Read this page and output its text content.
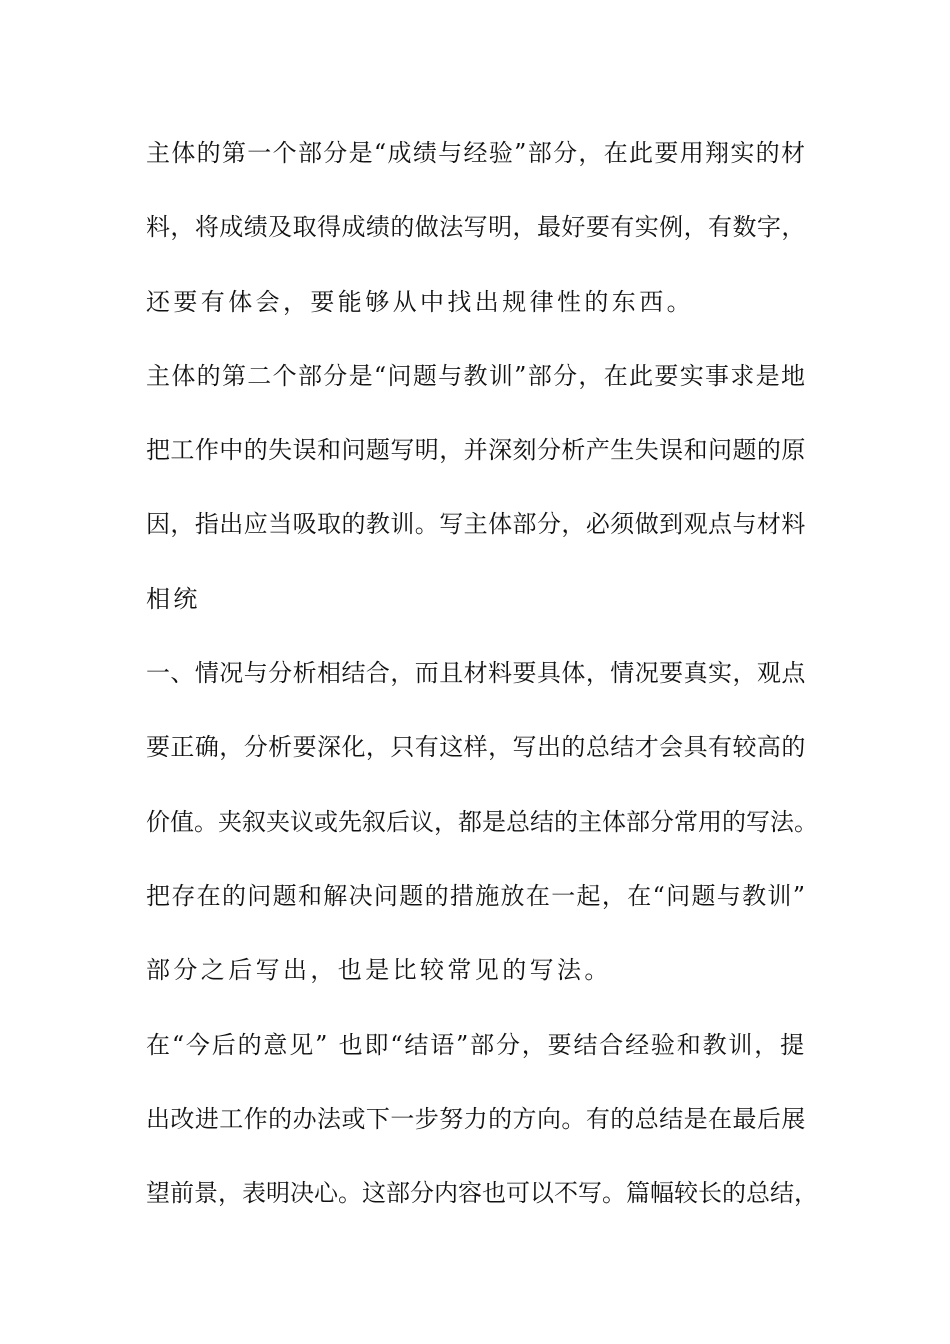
主体的第一个部分是“成绩与经验”部分，在此要用翔实的材
料，将成绩及取得成绩的做法写明，最好要有实例，有数字，
还要有体会，要能够从中找出规律性的东西。
主体的第二个部分是“问题与教训”部分，在此要实事求是地
把工作中的失误和问题写明，并深刻分析产生失误和问题的原
因，指出应当吸取的教训。写主体部分，必须做到观点与材料
相统
一、情况与分析相结合，而且材料要具体，情况要真实，观点
要正确，分析要深化，只有这样，写出的总结才会具有较高的
价值。夹叙夹议或先叙后议，都是总结的主体部分常用的写法。
把存在的问题和解决问题的措施放在一起，在“问题与教训”
部分之后写出，也是比较常见的写法。
在“今后的意见” 也即“结语”部分，要结合经验和教训，提
出改进工作的办法或下一步努力的方向。有的总结是在最后展
望前景，表明决心。这部分内容也可以不写。篇幅较长的总结，
